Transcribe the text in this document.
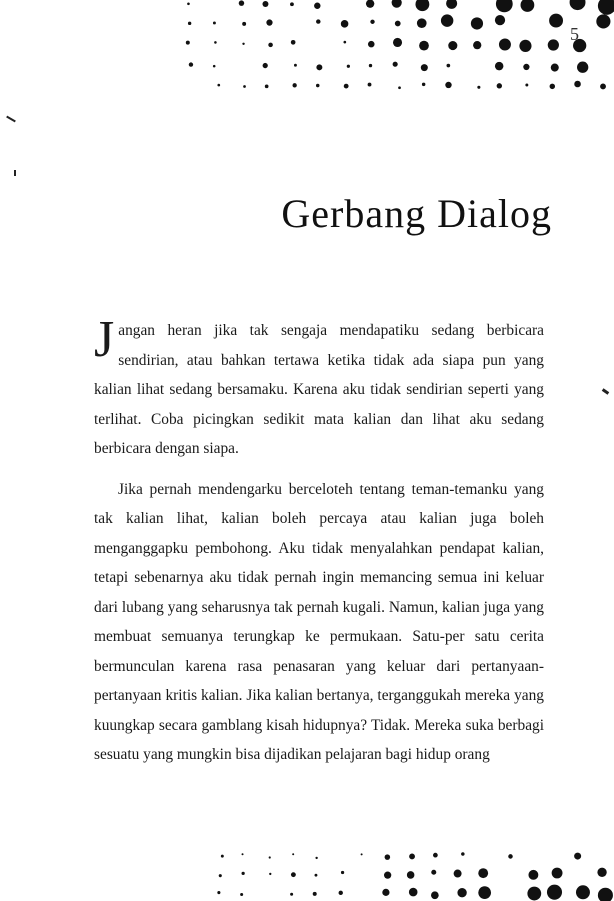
5
Gerbang Dialog

Jangan heran jika tak sengaja mendapatiku sedang berbicara sendirian, atau bahkan tertawa ketika tidak ada siapa pun yang kalian lihat sedang bersamaku. Karena aku tidak sendirian seperti yang terlihat. Coba picingkan sedikit mata kalian dan lihat aku sedang berbicara dengan siapa.

Jika pernah mendengarku berceloteh tentang teman-temanku yang tak kalian lihat, kalian boleh percaya atau kalian juga boleh menganggapku pembohong. Aku tidak menyalahkan pendapat kalian, tetapi sebenarnya aku tidak pernah ingin memancing semua ini keluar dari lubang yang seharusnya tak pernah kugali. Namun, kalian juga yang membuat semuanya terungkap ke permukaan. Satu-per satu cerita bermunculan karena rasa penasaran yang keluar dari pertanyaan-pertanyaan kritis kalian. Jika kalian bertanya, terganggukah mereka yang kuungkap secara gamblang kisah hidupnya? Tidak. Mereka suka berbagi sesuatu yang mungkin bisa dijadikan pelajaran bagi hidup orang
